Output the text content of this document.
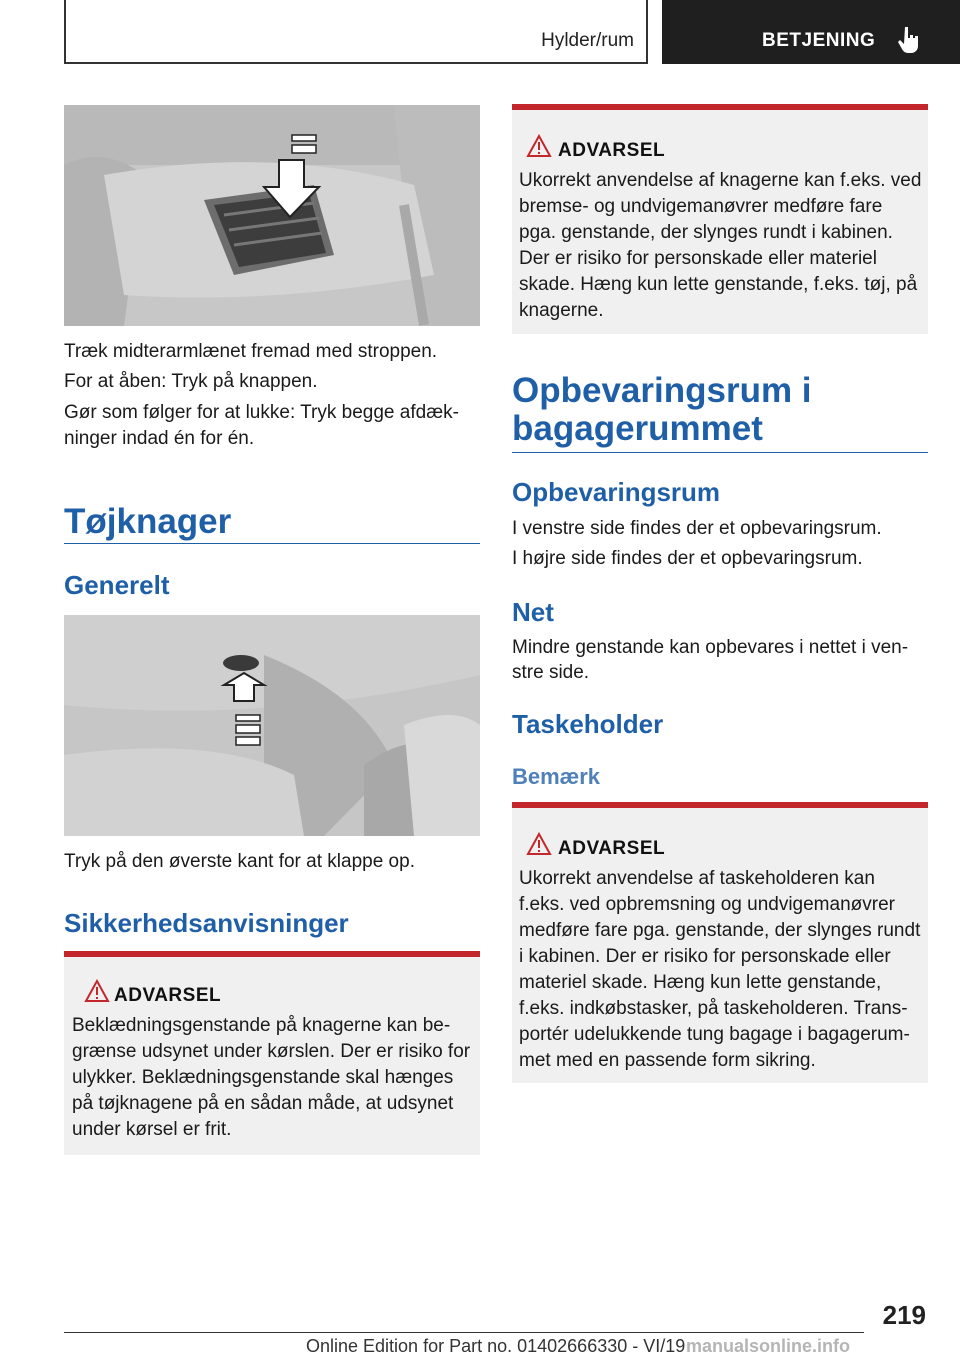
Hylder/rum	BETJENING

Træk midterarmlænet fremad med stroppen.

For at åben: Tryk på knappen.

Gør som følger for at lukke: Tryk begge afdæk‐

ninger indad én for én.

Tøjknager
Generelt

Tryk på den øverste kant for at klappe op.

Sikkerhedsanvisninger
ADVARSEL
Beklædningsgenstande på knagerne kan be‐
grænse udsynet under kørslen. Der er risiko for
ulykker. Beklædningsgenstande skal hænges
på tøjknagene på en sådan måde, at udsynet
under kørsel er frit.
ADVARSEL
Ukorrekt anvendelse af knagerne kan f.eks. ved
bremse- og undvigemanøvrer medføre fare
pga. genstande, der slynges rundt i kabinen.
Der er risiko for personskade eller materiel
skade. Hæng kun lette genstande, f.eks. tøj, på
knagerne.
Opbevaringsrum i
bagagerummet
Opbevaringsrum

I venstre side findes der et opbevaringsrum.

I højre side findes der et opbevaringsrum.

Net

Mindre genstande kan opbevares i nettet i ven‐

stre side.

Taskeholder
Bemærk
ADVARSEL
Ukorrekt anvendelse af taskeholderen kan
f.eks. ved opbremsning og undvigemanøvrer
medføre fare pga. genstande, der slynges rundt
i kabinen. Der er risiko for personskade eller
materiel skade. Hæng kun lette genstande,
f.eks. indkøbstasker, på taskeholderen. Trans‐
portér udelukkende tung bagage i bagagerum‐
met med en passende form sikring.
219
Online Edition for Part no. 01402666330 - VI/19 manualsonline.info
